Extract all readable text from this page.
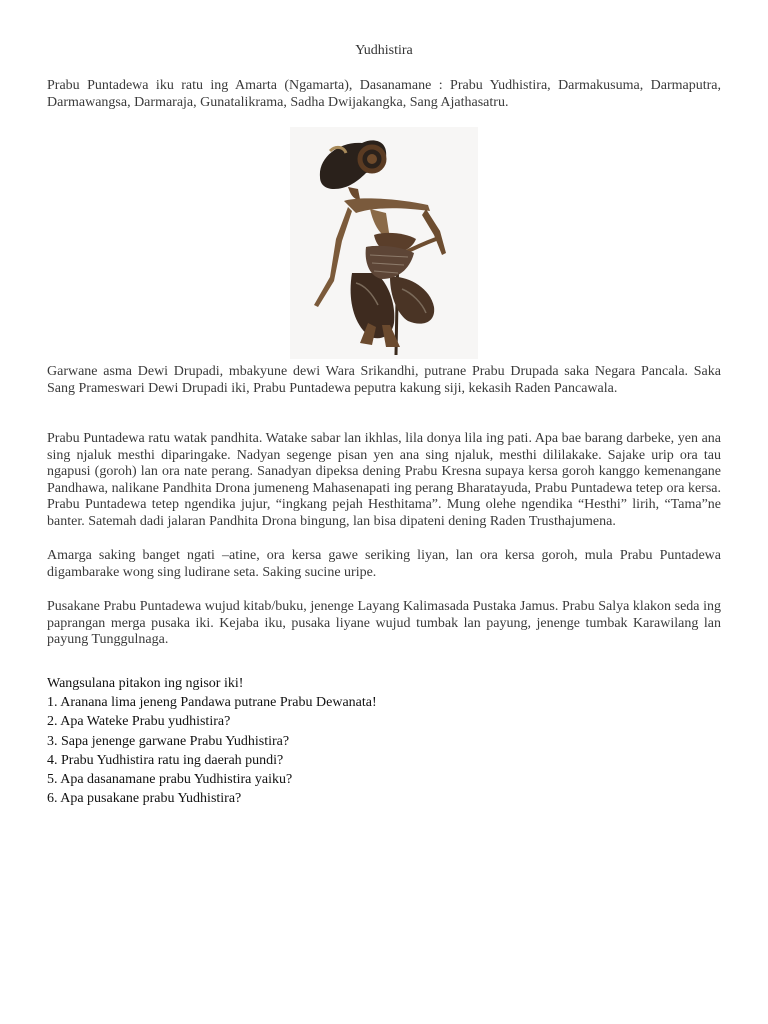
Yudhistira

Prabu Puntadewa iku ratu ing Amarta (Ngamarta), Dasanamane : Prabu Yudhistira, Darmakusuma, Darmaputra, Darmawangsa, Darmaraja, Gunatalikrama, Sadha Dwijakangka, Sang Ajathasatru.

Garwane asma Dewi Drupadi, mbakyune dewi Wara Srikandhi, putrane Prabu Drupada saka Negara Pancala. Saka Sang Prameswari Dewi Drupadi iki, Prabu Puntadewa peputra kakung siji, kekasih Raden Pancawala.

Prabu Puntadewa ratu watak pandhita. Watake sabar lan ikhlas, lila donya lila ing pati. Apa bae barang darbeke, yen ana sing njaluk mesthi diparingake. Nadyan segenge pisan yen ana sing njaluk, mesthi dililakake. Sajake urip ora tau ngapusi (goroh) lan ora nate perang. Sanadyan dipeksa dening Prabu Kresna supaya kersa goroh kanggo kemenangane Pandhawa, nalikane Pandhita Drona jumeneng Mahasenapati ing perang Bharatayuda, Prabu Puntadewa tetep ora kersa. Prabu Puntadewa tetep ngendika jujur, “ingkang pejah Hesthitama”. Mung olehe ngendika “Hesthi” lirih, “Tama”ne banter. Satemah dadi jalaran Pandhita Drona bingung, lan bisa dipateni dening Raden Trusthajumena.

Amarga saking banget ngati –atine, ora kersa gawe seriking liyan, lan ora kersa goroh, mula Prabu Puntadewa digambarake wong sing ludirane seta. Saking sucine uripe.

Pusakane Prabu Puntadewa wujud kitab/buku, jenenge Layang Kalimasada Pustaka Jamus. Prabu Salya klakon seda ing paprangan merga pusaka iki. Kejaba iku, pusaka liyane wujud tumbak lan payung, jenenge tumbak Karawilang lan payung Tunggulnaga.

Wangsulana pitakon ing ngisor iki!
1. Aranana lima jeneng Pandawa putrane Prabu Dewanata!
2. Apa Wateke Prabu yudhistira?
3. Sapa jenenge garwane Prabu Yudhistira?
4. Prabu Yudhistira ratu ing daerah pundi?
5. Apa dasanamane prabu Yudhistira yaiku?
6. Apa pusakane prabu Yudhistira?
